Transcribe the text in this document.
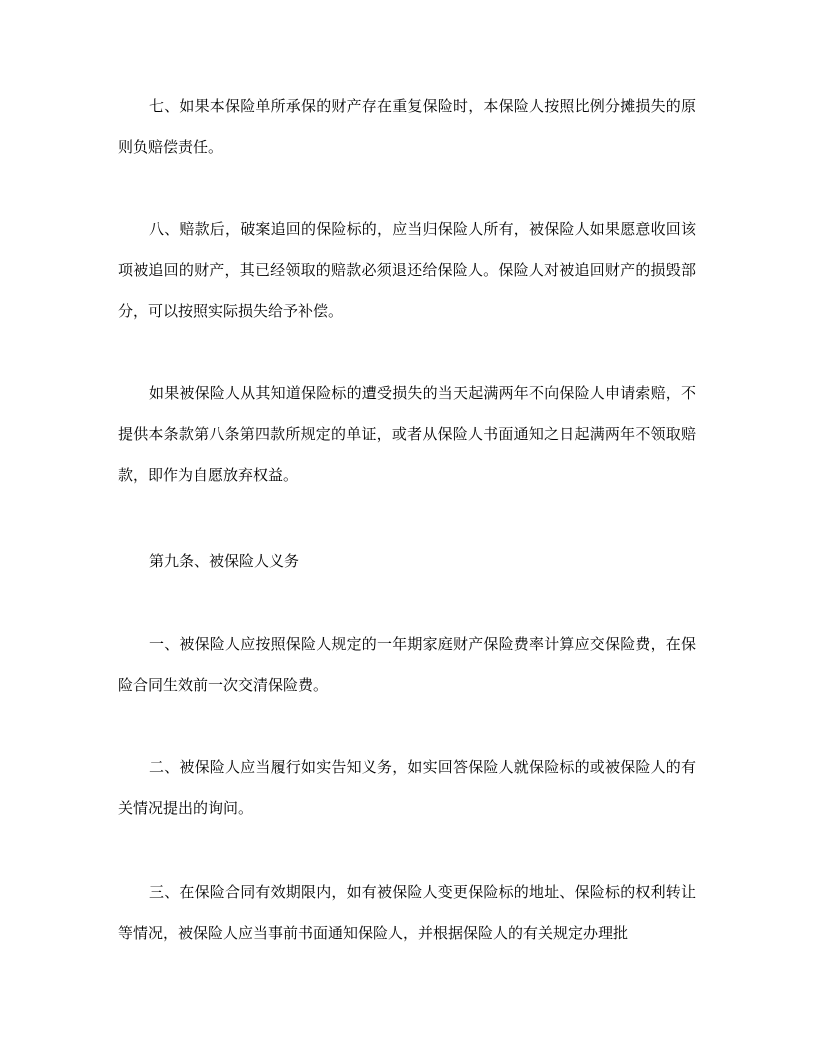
七、如果本保险单所承保的财产存在重复保险时，本保险人按照比例分摊损失的原则负赔偿责任。

八、赔款后，破案追回的保险标的，应当归保险人所有，被保险人如果愿意收回该项被追回的财产，其已经领取的赔款必须退还给保险人。保险人对被追回财产的损毁部分，可以按照实际损失给予补偿。

如果被保险人从其知道保险标的遭受损失的当天起满两年不向保险人申请索赔，不提供本条款第八条第四款所规定的单证，或者从保险人书面通知之日起满两年不领取赔款，即作为自愿放弃权益。

第九条、被保险人义务

一、被保险人应按照保险人规定的一年期家庭财产保险费率计算应交保险费，在保险合同生效前一次交清保险费。

二、被保险人应当履行如实告知义务，如实回答保险人就保险标的或被保险人的有关情况提出的询问。

三、在保险合同有效期限内，如有被保险人变更保险标的地址、保险标的权利转让等情况，被保险人应当事前书面通知保险人，并根据保险人的有关规定办理批
